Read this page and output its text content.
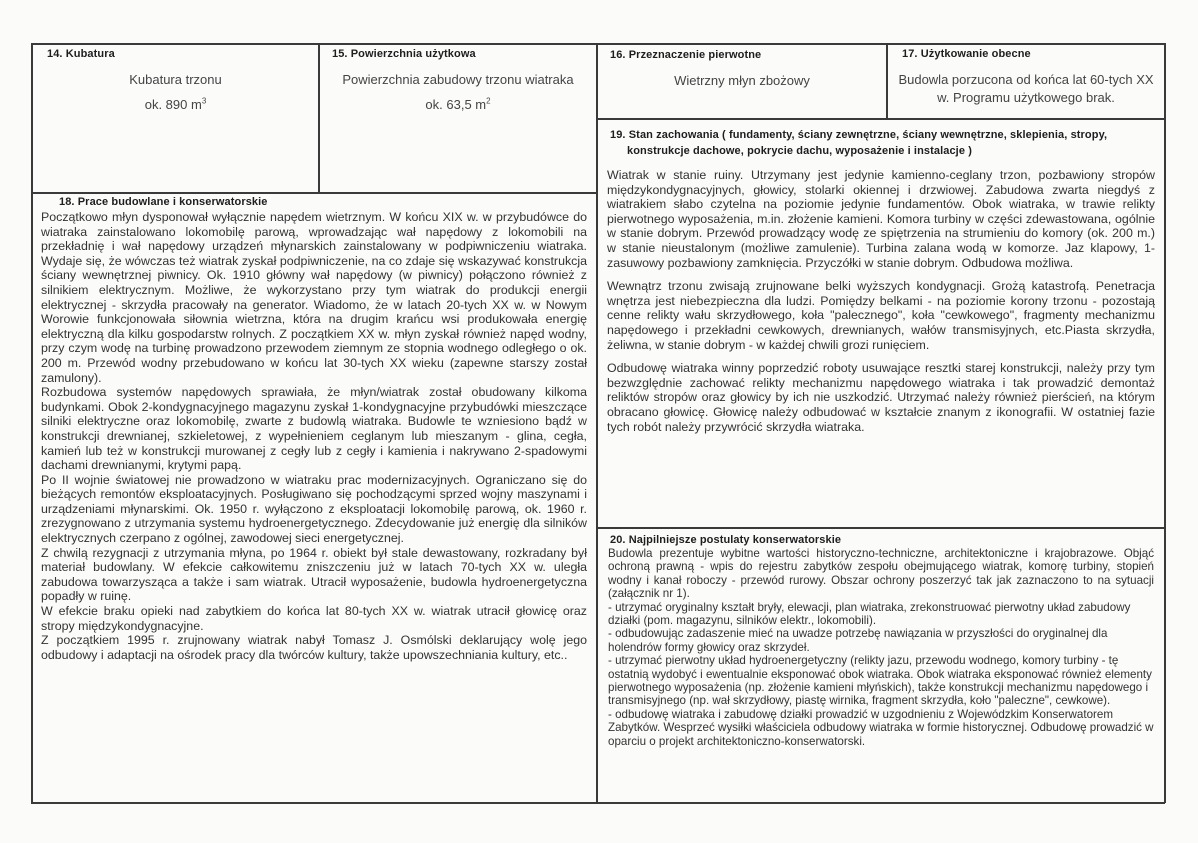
14. Kubatura
Kubatura trzonu
ok. 890 $m^3$
15. Powierzchnia użytkowa
Powierzchnia zabudowy trzonu wiatraka
ok. 63,5 $m^2$
16. Przeznaczenie pierwotne
Wietrzny młyn zbożowy
17. Użytkowanie obecne
Budowla porzucona od końca lat 60-tych XX w. Programu użytkowego brak.
18. Prace budowlane i konserwatorskie

Początkowo młyn dysponował wyłącznie napędem wietrznym. W końcu XIX w. w przybudówce do wiatraka zainstalowano lokomobilę parową, wprowadzając wał napędowy z lokomobili na przekładnię i wał napędowy urządzeń młynarskich zainstalowany w podpiwniczeniu wiatraka. Wydaje się, że wówczas też wiatrak zyskał podpiwniczenie, na co zdaje się wskazywać konstrukcja ściany wewnętrznej piwnicy. Ok. 1910 główny wał napędowy (w piwnicy) połączono również z silnikiem elektrycznym. Możliwe, że wykorzystano przy tym wiatrak do produkcji energii elektrycznej - skrzydła pracowały na generator. Wiadomo, że w latach 20-tych XX w. w Nowym Worowie funkcjonowała siłownia wietrzna, która na drugim krańcu wsi produkowała energię elektryczną dla kilku gospodarstw rolnych. Z początkiem XX w. młyn zyskał również napęd wodny, przy czym wodę na turbinę prowadzono przewodem ziemnym ze stopnia wodnego odległego o ok. 200 m. Przewód wodny przebudowano w końcu lat 30-tych XX wieku (zapewne starszy został zamulony).

Rozbudowa systemów napędowych sprawiała, że młyn/wiatrak został obudowany kilkoma budynkami. Obok 2-kondygnacyjnego magazynu zyskał 1-kondygnacyjne przybudówki mieszczące silniki elektryczne oraz lokomobilę, zwarte z budowlą wiatraka. Budowle te wzniesiono bądź w konstrukcji drewnianej, szkieletowej, z wypełnieniem ceglanym lub mieszanym - glina, cegła, kamień lub też w konstrukcji murowanej z cegły lub z cegły i kamienia i nakrywano 2-spadowymi dachami drewnianymi, krytymi papą.

Po II wojnie światowej nie prowadzono w wiatraku prac modernizacyjnych. Ograniczano się do bieżących remontów eksploatacyjnych. Posługiwano się pochodzącymi sprzed wojny maszynami i urządzeniami młynarskimi. Ok. 1950 r. wyłączono z eksploatacji lokomobilę parową, ok. 1960 r. zrezygnowano z utrzymania systemu hydroenergetycznego. Zdecydowanie już energię dla silników elektrycznych czerpano z ogólnej, zawodowej sieci energetycznej.

Z chwilą rezygnacji z utrzymania młyna, po 1964 r. obiekt był stale dewastowany, rozkradany był materiał budowlany. W efekcie całkowitemu zniszczeniu już w latach 70-tych XX w. uległa zabudowa towarzysząca a także i sam wiatrak. Utracił wyposażenie, budowla hydroenergetyczna popadły w ruinę.

W efekcie braku opieki nad zabytkiem do końca lat 80-tych XX w. wiatrak utracił głowicę oraz stropy międzykondygnacyjne.

Z początkiem 1995 r. zrujnowany wiatrak nabył Tomasz J. Osmólski deklarujący wolę jego odbudowy i adaptacji na ośrodek pracy dla twórców kultury, także upowszechniania kultury, etc..

19. Stan zachowania ( fundamenty, ściany zewnętrzne, ściany wewnętrzne, sklepienia, stropy,
konstrukcje dachowe, pokrycie dachu, wyposażenie i instalacje )

Wiatrak w stanie ruiny. Utrzymany jest jedynie kamienno-ceglany trzon, pozbawiony stropów międzykondygnacyjnych, głowicy, stolarki okiennej i drzwiowej. Zabudowa zwarta niegdyś z wiatrakiem słabo czytelna na poziomie jedynie fundamentów. Obok wiatraka, w trawie relikty pierwotnego wyposażenia, m.in. złożenie kamieni. Komora turbiny w części zdewastowana, ogólnie w stanie dobrym. Przewód prowadzący wodę ze spiętrzenia na strumieniu do komory (ok. 200 m.) w stanie nieustalonym (możliwe zamulenie). Turbina zalana wodą w komorze. Jaz klapowy, 1-zasuwowy pozbawiony zamknięcia. Przyczółki w stanie dobrym. Odbudowa możliwa.

Wewnątrz trzonu zwisają zrujnowane belki wyższych kondygnacji. Grożą katastrofą. Penetracja wnętrza jest niebezpieczna dla ludzi. Pomiędzy belkami - na poziomie korony trzonu - pozostają cenne relikty wału skrzydłowego, koła "palecznego", koła "cewkowego", fragmenty mechanizmu napędowego i przekładni cewkowych, drewnianych, wałów transmisyjnych, etc.Piasta skrzydła, żeliwna, w stanie dobrym - w każdej chwili grozi runięciem.

Odbudowę wiatraka winny poprzedzić roboty usuwające resztki starej konstrukcji, należy przy tym bezwzględnie zachować relikty mechanizmu napędowego wiatraka i tak prowadzić demontaż reliktów stropów oraz głowicy by ich nie uszkodzić. Utrzymać należy również pierścień, na którym obracano głowicę. Głowicę należy odbudować w kształcie znanym z ikonografii. W ostatniej fazie tych robót należy przywrócić skrzydła wiatraka.

20. Najpilniejsze postulaty konserwatorskie

Budowla prezentuje wybitne wartości historyczno-techniczne, architektoniczne i krajobrazowe. Objąć ochroną prawną - wpis do rejestru zabytków zespołu obejmującego wiatrak, komorę turbiny, stopień wodny i kanał roboczy - przewód rurowy. Obszar ochrony poszerzyć tak jak zaznaczono to na sytuacji (załącznik nr 1).

- utrzymać oryginalny kształt bryły, elewacji, plan wiatraka, zrekonstruować pierwotny układ zabudowy działki (pom. magazynu, silników elektr., lokomobili).

- odbudowując zadaszenie mieć na uwadze potrzebę nawiązania w przyszłości do oryginalnej dla holendrów formy głowicy oraz skrzydeł.

- utrzymać pierwotny układ hydroenergetyczny (relikty jazu, przewodu wodnego, komory turbiny - tę ostatnią wydobyć i ewentualnie eksponować obok wiatraka. Obok wiatraka eksponować również elementy pierwotnego wyposażenia (np. złożenie kamieni młyńskich), także konstrukcji mechanizmu napędowego i transmisyjnego (np. wał skrzydłowy, piastę wirnika, fragment skrzydła, koło "paleczne", cewkowe).

- odbudowę wiatraka i zabudowę działki prowadzić w uzgodnieniu z Wojewódzkim Konserwatorem Zabytków. Wesprzeć wysiłki właściciela odbudowy wiatraka w formie historycznej. Odbudowę prowadzić w oparciu o projekt architektoniczno-konserwatorski.
